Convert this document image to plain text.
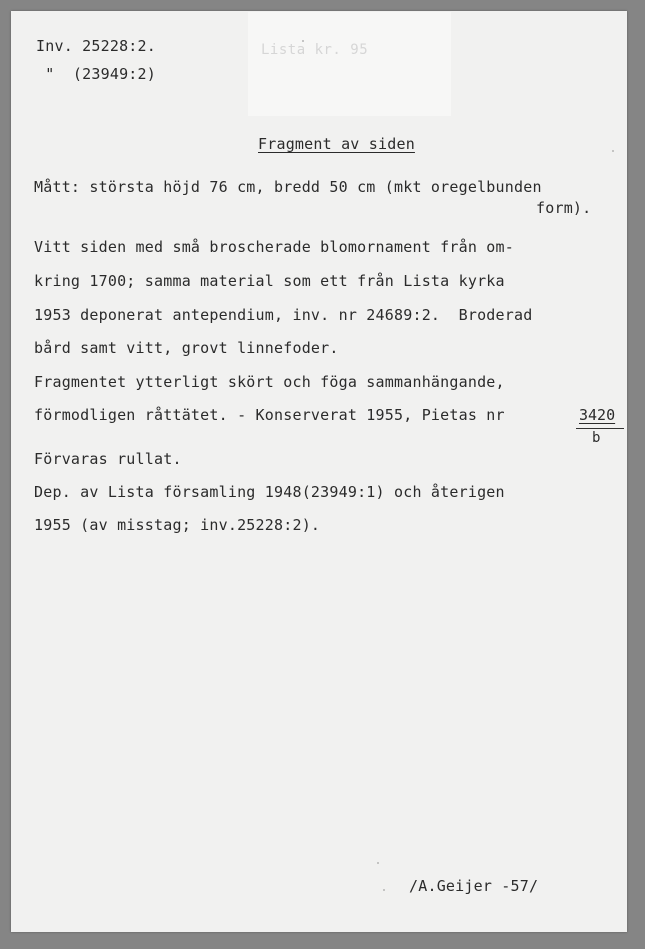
Lista kr. 95
Inv. 25228:2.
"  (23949:2)
Fragment av siden
Mått: största höjd 76 cm, bredd 50 cm (mkt oregelbunden
form).
Vitt siden med små broscherade blomornament från om-
kring 1700; samma material som ett från Lista kyrka
1953 deponerat antependium, inv. nr 24689:2.  Broderad
bård samt vitt, grovt linnefoder.
Fragmentet ytterligt skört och föga sammanhängande,
förmodligen råttätet. - Konserverat 1955, Pietas nr	3420
b
Förvaras rullat.
Dep. av Lista församling 1948(23949:1) och återigen
1955 (av misstag; inv.25228:2).
/A.Geijer -57/
